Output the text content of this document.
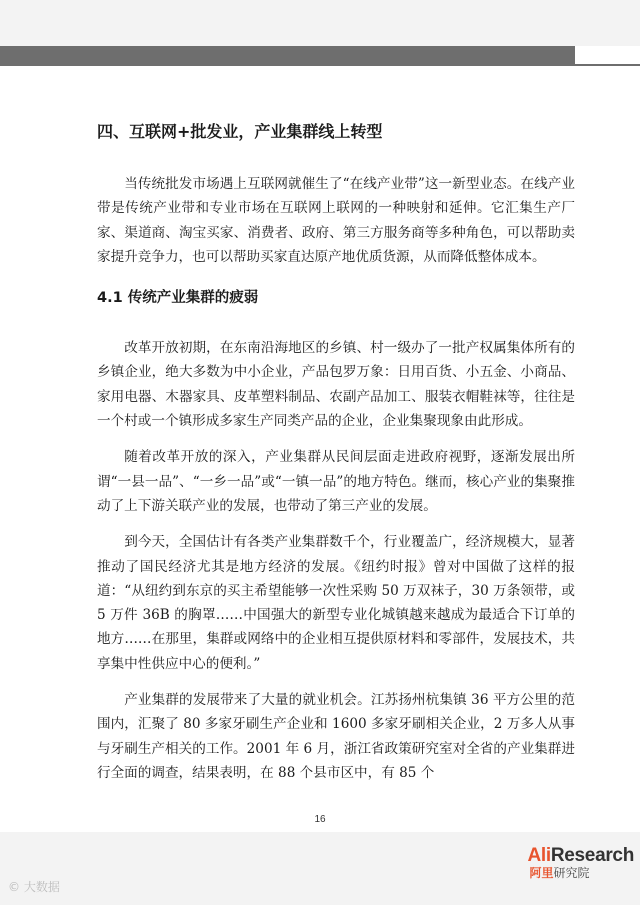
四、互联网+批发业，产业集群线上转型

当传统批发市场遇上互联网就催生了“在线产业带”这一新型业态。在线产业带是传统产业带和专业市场在互联网上联网的一种映射和延伸。它汇集生产厂家、渠道商、淘宝买家、消费者、政府、第三方服务商等多种角色，可以帮助卖家提升竞争力，也可以帮助买家直达原产地优质货源，从而降低整体成本。

4.1 传统产业集群的疲弱

改革开放初期，在东南沿海地区的乡镇、村一级办了一批产权属集体所有的乡镇企业，绝大多数为中小企业，产品包罗万象：日用百货、小五金、小商品、家用电器、木器家具、皮革塑料制品、农副产品加工、服装衣帽鞋袜等，往往是一个村或一个镇形成多家生产同类产品的企业，企业集聚现象由此形成。

随着改革开放的深入，产业集群从民间层面走进政府视野，逐渐发展出所谓“一县一品”、“一乡一品”或“一镇一品”的地方特色。继而，核心产业的集聚推动了上下游关联产业的发展，也带动了第三产业的发展。

到今天，全国估计有各类产业集群数千个，行业覆盖广，经济规模大，显著推动了国民经济尤其是地方经济的发展。《纽约时报》曾对中国做了这样的报道：“从纽约到东京的买主希望能够一次性采购 50 万双袜子，30 万条领带，或 5 万件 36B 的胸罩……中国强大的新型专业化城镇越来越成为最适合下订单的地方……在那里，集群或网络中的企业相互提供原材料和零部件，发展技术，共享集中性供应中心的便利。”

产业集群的发展带来了大量的就业机会。江苏扬州杭集镇 36 平方公里的范围内，汇聚了 80 多家牙刷生产企业和 1600 多家牙刷相关企业，2 万多人从事与牙刷生产相关的工作。2001 年 6 月，浙江省政策研究室对全省的产业集群进行全面的调查，结果表明，在 88 个县市区中，有 85 个

16
AliResearch
阿里研究院
© 大数据
